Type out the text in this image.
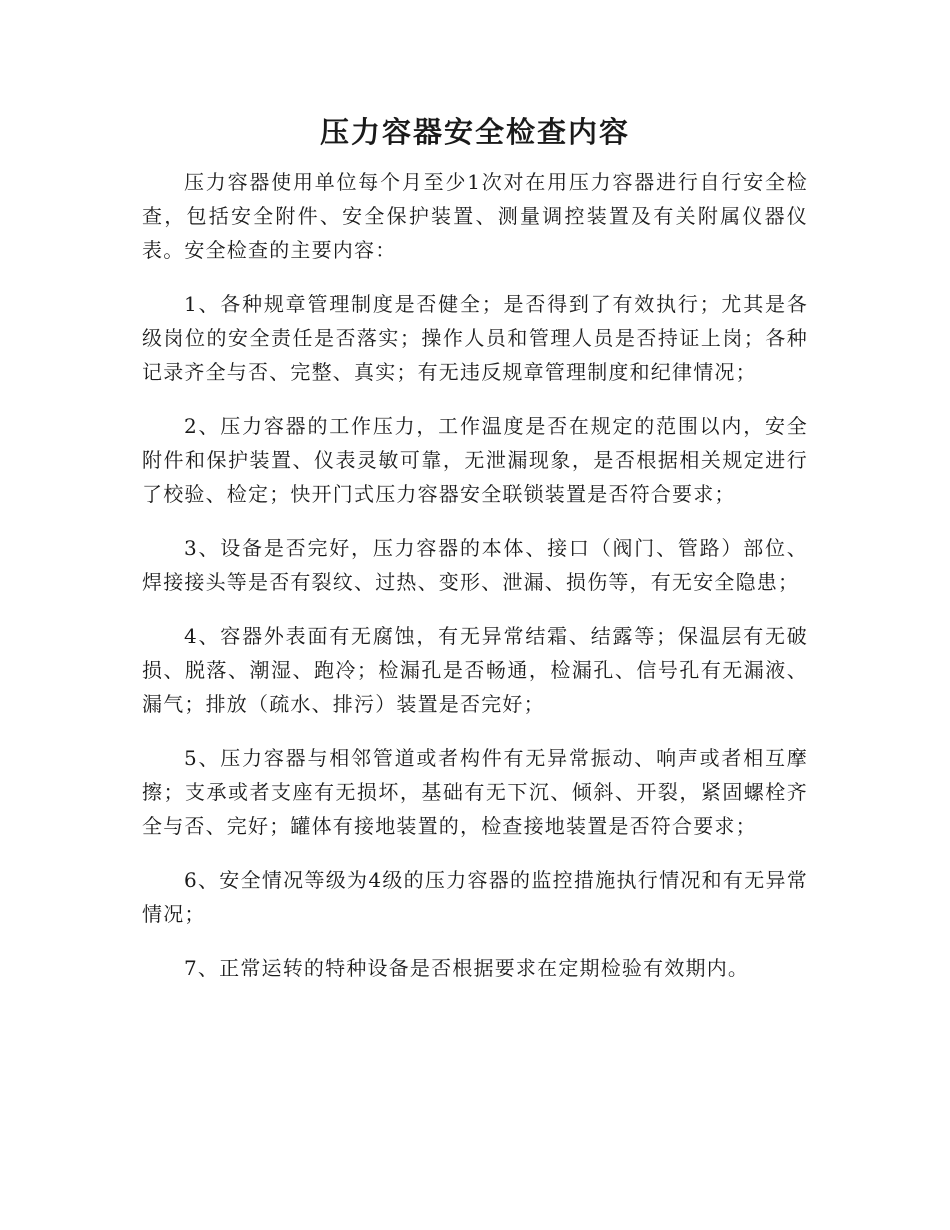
压力容器安全检查内容

压力容器使用单位每个月至少1次对在用压力容器进行自行安全检查，包括安全附件、安全保护装置、测量调控装置及有关附属仪器仪表。安全检查的主要内容：

1、各种规章管理制度是否健全；是否得到了有效执行；尤其是各级岗位的安全责任是否落实；操作人员和管理人员是否持证上岗；各种记录齐全与否、完整、真实；有无违反规章管理制度和纪律情况；

2、压力容器的工作压力，工作温度是否在规定的范围以内，安全附件和保护装置、仪表灵敏可靠，无泄漏现象，是否根据相关规定进行了校验、检定；快开门式压力容器安全联锁装置是否符合要求；

3、设备是否完好，压力容器的本体、接口（阀门、管路）部位、焊接接头等是否有裂纹、过热、变形、泄漏、损伤等，有无安全隐患；

4、容器外表面有无腐蚀，有无异常结霜、结露等；保温层有无破损、脱落、潮湿、跑冷；检漏孔是否畅通，检漏孔、信号孔有无漏液、漏气；排放（疏水、排污）装置是否完好；

5、压力容器与相邻管道或者构件有无异常振动、响声或者相互摩擦；支承或者支座有无损坏，基础有无下沉、倾斜、开裂，紧固螺栓齐全与否、完好；罐体有接地装置的，检查接地装置是否符合要求；

6、安全情况等级为4级的压力容器的监控措施执行情况和有无异常情况；

7、正常运转的特种设备是否根据要求在定期检验有效期内。
